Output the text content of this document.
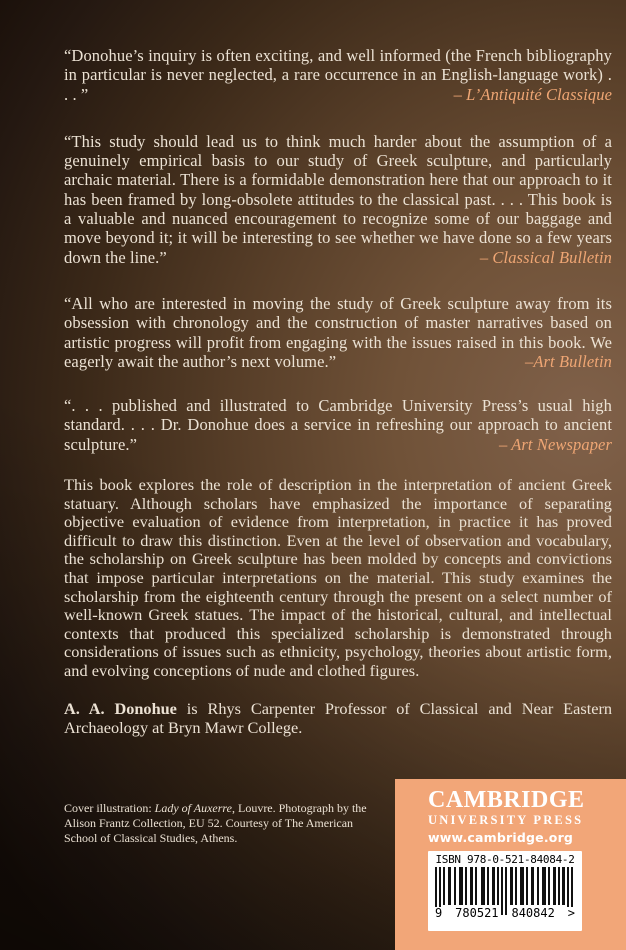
“Donohue’s inquiry is often exciting, and well informed (the French bibliography in particular is never neglected, a rare occurrence in an English-language work) . . . ”	– L’Antiquité Classique
“This study should lead us to think much harder about the assumption of a genuinely empirical basis to our study of Greek sculpture, and particularly archaic material. There is a formidable demonstration here that our approach to it has been framed by long-obsolete attitudes to the classical past. . . . This book is a valuable and nuanced encouragement to recognize some of our baggage and move beyond it; it will be interesting to see whether we have done so a few years down the line.”	– Classical Bulletin
“All who are interested in moving the study of Greek sculpture away from its obsession with chronology and the construction of master narratives based on artistic progress will profit from engaging with the issues raised in this book. We eagerly await the author’s next volume.”	–Art Bulletin
“. . . published and illustrated to Cambridge University Press’s usual high standard. . . . Dr. Donohue does a service in refreshing our approach to ancient sculpture.”	– Art Newspaper
This book explores the role of description in the interpretation of ancient Greek statuary. Although scholars have emphasized the importance of separating objective evaluation of evidence from interpretation, in practice it has proved difficult to draw this distinction. Even at the level of observation and vocabulary, the scholarship on Greek sculpture has been molded by concepts and convictions that impose particular interpretations on the material. This study examines the scholarship from the eighteenth century through the present on a select number of well-known Greek statues. The impact of the historical, cultural, and intellectual contexts that produced this specialized scholarship is demonstrated through considerations of issues such as ethnicity, psychology, theories about artistic form, and evolving conceptions of nude and clothed figures.
A. A. Donohue is Rhys Carpenter Professor of Classical and Near Eastern Archaeology at Bryn Mawr College.
Cover illustration: Lady of Auxerre, Louvre. Photograph by the Alison Frantz Collection, EU 52. Courtesy of The American School of Classical Studies, Athens.
CAMBRIDGE
UNIVERSITY PRESS
www.cambridge.org
ISBN 978-0-521-84084-2
9 780521 840842 >
